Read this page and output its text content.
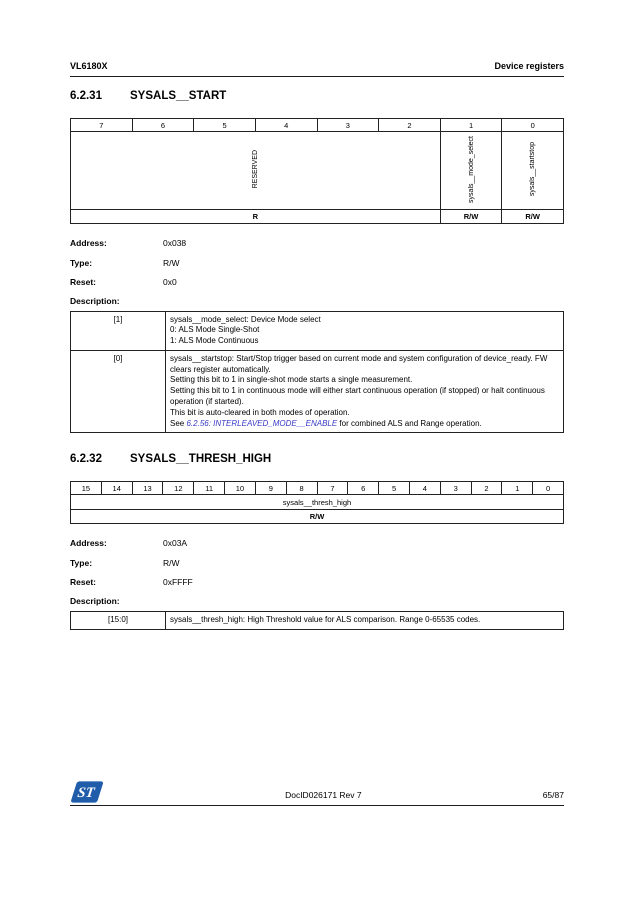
VL6180X	Device registers
6.2.31	SYSALS__START
7	6	5	4	3	2	1	0
RESERVED						sysals__mode_select	sysals__startstop
R						R/W	R/W
Address:	0x038
Type:	R/W
Reset:	0x0
Description:
[1]	sysals__mode_select: Device Mode select
0: ALS Mode Single-Shot
1: ALS Mode Continuous

[0]	sysals__startstop: Start/Stop trigger based on current mode and system configuration of device_ready. FW clears register automatically.
Setting this bit to 1 in single-shot mode starts a single measurement.
Setting this bit to 1 in continuous mode will either start continuous operation (if stopped) or halt continuous operation (if started).
This bit is auto-cleared in both modes of operation.
See 6.2.56: INTERLEAVED_MODE__ENABLE for combined ALS and Range operation.
6.2.32	SYSALS__THRESH_HIGH
15	14	13	12	11	10	9	8	7	6	5	4	3	2	1	0
sysals__thresh_high
R/W
Address:	0x03A
Type:	R/W
Reset:	0xFFFF
Description:
[15:0]	sysals__thresh_high: High Threshold value for ALS comparison. Range 0-65535 codes.
ST	DocID026171 Rev 7	65/87
